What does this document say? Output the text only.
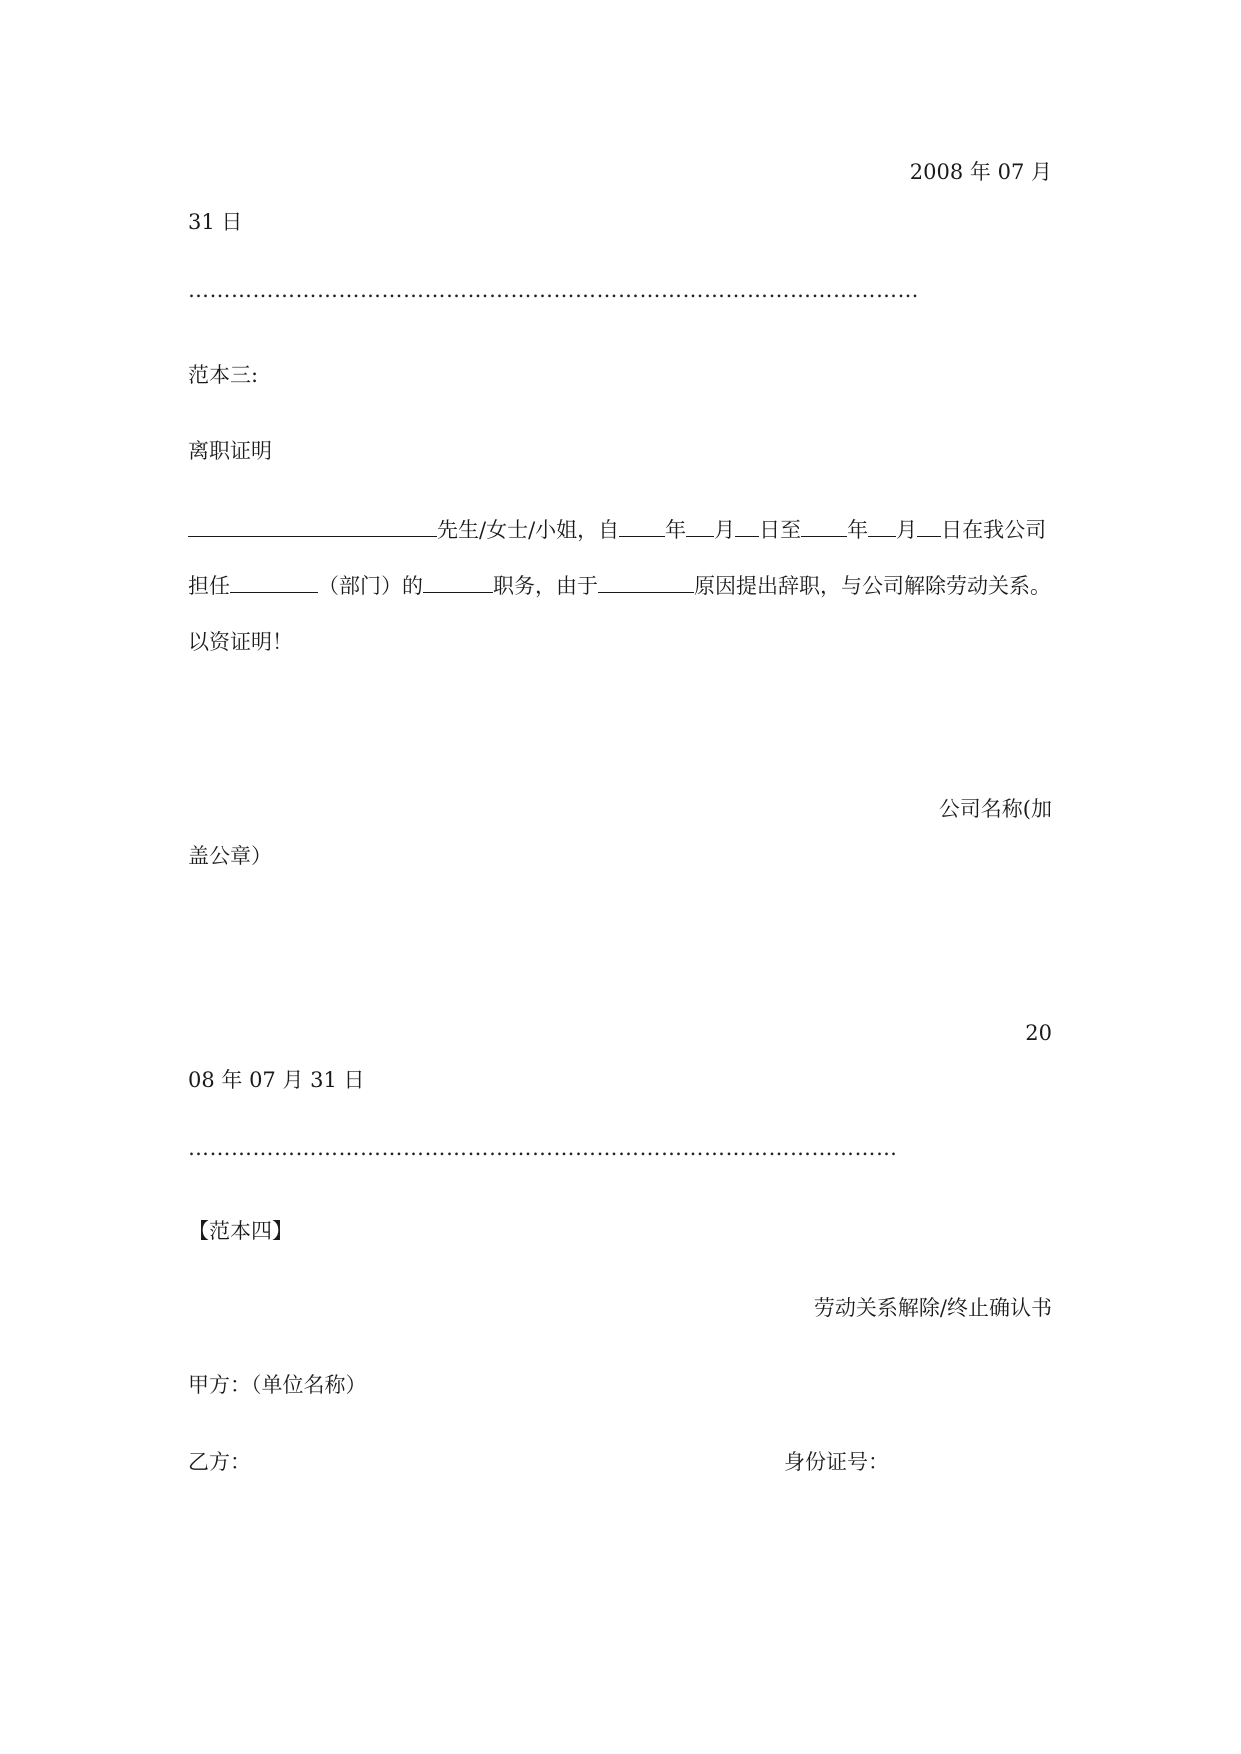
2008 年 07 月
31 日
…………………………………………………………………………………………
范本三:
离职证明
先生/女士/小姐，自 年 月 日至 年 月 日在我公司
担任	（部门）的	职务，由于	原因提出辞职，与公司解除劳动关系。
以资证明！
公司名称(加
盖公章）
20
08 年 07 月 31 日
………………………………………………………………………………………
【范本四】
劳动关系解除/终止确认书
甲方：（单位名称）
乙方：	身份证号：
